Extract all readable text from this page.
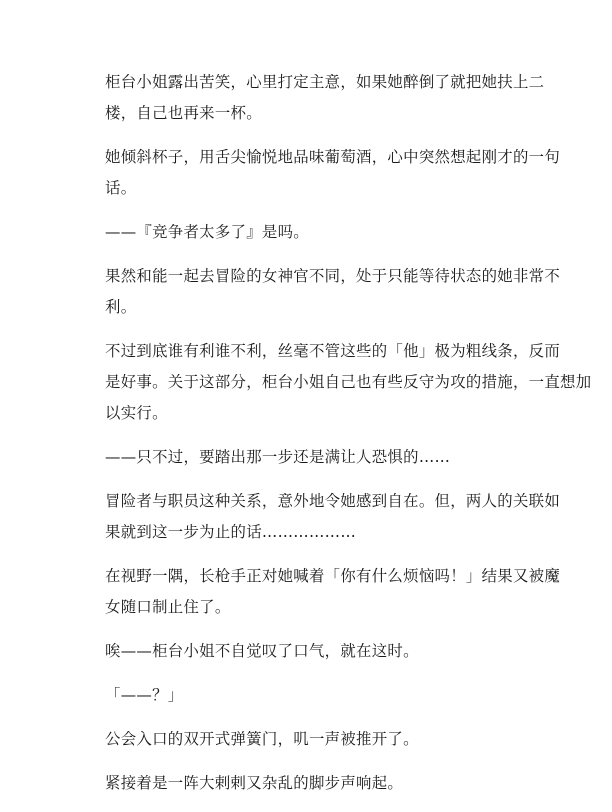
柜台小姐露出苦笑，心里打定主意，如果她醉倒了就把她扶上二
楼，自己也再来一杯。

她倾斜杯子，用舌尖愉悦地品味葡萄酒，心中突然想起刚才的一句
话。

——『竞争者太多了』是吗。

果然和能一起去冒险的女神官不同，处于只能等待状态的她非常不
利。

不过到底谁有利谁不利，丝毫不管这些的「他」极为粗线条，反而
是好事。关于这部分，柜台小姐自己也有些反守为攻的措施，一直想加
以实行。

——只不过，要踏出那一步还是满让人恐惧的……

冒险者与职员这种关系，意外地令她感到自在。但，两人的关联如
果就到这一步为止的话………………

在视野一隅，长枪手正对她喊着「你有什么烦恼吗！」结果又被魔
女随口制止住了。

唉——柜台小姐不自觉叹了口气，就在这时。

「——？」

公会入口的双开式弹簧门，叽一声被推开了。

紧接着是一阵大剌剌又杂乱的脚步声响起。
